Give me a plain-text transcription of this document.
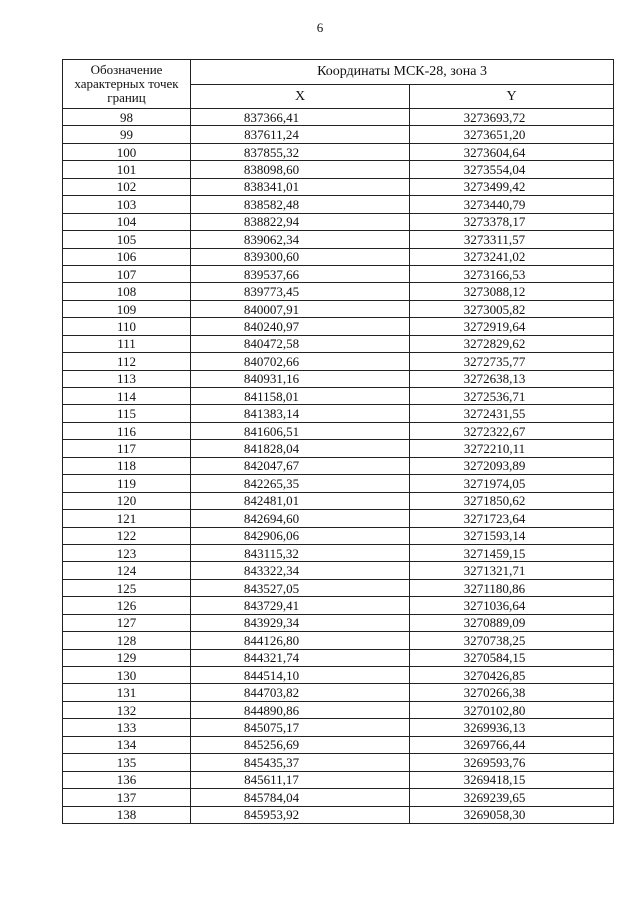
6
Обозначение характерных точек границ	Координаты МСК-28, зона 3	
	X	Y
98	837366,41	3273693,72
99	837611,24	3273651,20
100	837855,32	3273604,64
101	838098,60	3273554,04
102	838341,01	3273499,42
103	838582,48	3273440,79
104	838822,94	3273378,17
105	839062,34	3273311,57
106	839300,60	3273241,02
107	839537,66	3273166,53
108	839773,45	3273088,12
109	840007,91	3273005,82
110	840240,97	3272919,64
111	840472,58	3272829,62
112	840702,66	3272735,77
113	840931,16	3272638,13
114	841158,01	3272536,71
115	841383,14	3272431,55
116	841606,51	3272322,67
117	841828,04	3272210,11
118	842047,67	3272093,89
119	842265,35	3271974,05
120	842481,01	3271850,62
121	842694,60	3271723,64
122	842906,06	3271593,14
123	843115,32	3271459,15
124	843322,34	3271321,71
125	843527,05	3271180,86
126	843729,41	3271036,64
127	843929,34	3270889,09
128	844126,80	3270738,25
129	844321,74	3270584,15
130	844514,10	3270426,85
131	844703,82	3270266,38
132	844890,86	3270102,80
133	845075,17	3269936,13
134	845256,69	3269766,44
135	845435,37	3269593,76
136	845611,17	3269418,15
137	845784,04	3269239,65
138	845953,92	3269058,30
